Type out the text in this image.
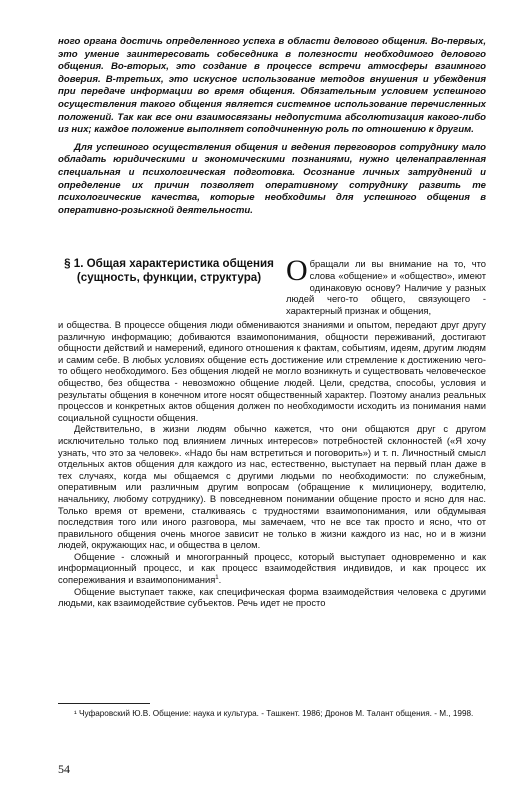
ного органа достичь определенного успеха в области делового общения. Во-первых, это умение заинтересовать собеседника в полезности необходимого делового общения. Во-вторых, это создание в процессе встречи атмосферы взаимного доверия. В-третьих, это искусное использование методов внушения и убеждения при передаче информации во время общения. Обязательным условием успешного осуществления такого общения является системное использование перечисленных положений. Так как все они взаимосвязаны недопустима абсолютизация какого-либо из них; каждое положение выполняет соподчиненную роль по отношению к другим.

Для успешного осуществления общения и ведения переговоров сотруднику мало обладать юридическими и экономическими познаниями, нужно целенаправленная специальная и психологическая подготовка. Осознание личных затруднений и определение их причин позволяет оперативному сотруднику развить те психологические качества, которые необходимы для успешного общения в оперативно-розыскной деятельности.

§ 1. Общая характеристика общения (сущность, функции, структура) Обращали ли вы внимание на то, что слова «общение» и «общество», имеют одинаковую основу? Наличие у разных людей чего-то общего, связующего - характерный признак и общения,

и общества. В процессе общения люди обмениваются знаниями и опытом, передают друг другу различную информацию; добиваются взаимопонимания, общности переживаний, достигают общности действий и намерений, единого отношения к фактам, событиям, идеям, другим людям и самим себе. В любых условиях общение есть достижение или стремление к достижению чего-то общего необходимого. Без общения людей не могло возникнуть и существовать человеческое общество, без общества - невозможно общение людей. Цели, средства, способы, условия и результаты общения в конечном итоге носят общественный характер. Поэтому анализ реальных процессов и конкретных актов общения должен по необходимости исходить из понимания нами социальной сущности общения.

Действительно, в жизни людям обычно кажется, что они общаются друг с другом исключительно только под влиянием личных интересов» потребностей склонностей («Я хочу узнать, что это за человек». «Надо бы нам встретиться и поговорить») и т. п. Личностный смысл отдельных актов общения для каждого из нас, естественно, выступает на первый план даже в тех случаях, когда мы общаемся с другими людьми по необходимости: по служебным, оперативным или различным другим вопросам (обращение к милиционеру, водителю, начальнику, любому сотруднику). В повседневном понимании общение просто и ясно для нас. Только время от времени, сталкиваясь с трудностями взаимопонимания, или обдумывая последствия того или иного разговора, мы замечаем, что не все так просто и ясно, что от правильного общения очень многое зависит не только в жизни каждого из нас, но и в жизни людей, окружающих нас, и общества в целом.

Общение - сложный и многогранный процесс, который выступает одновременно и как информационный процесс, и как процесс взаимодействия индивидов, и как процесс их сопереживания и взаимопонимания$^1$.

Общение выступает также, как специфическая форма взаимодействия человека с другими людьми, как взаимодействие субъектов. Речь идет не просто

¹ Чуфаровский Ю.В. Общение: наука и культура. - Ташкент. 1986; Дронов М. Талант общения. - М., 1998.
54
